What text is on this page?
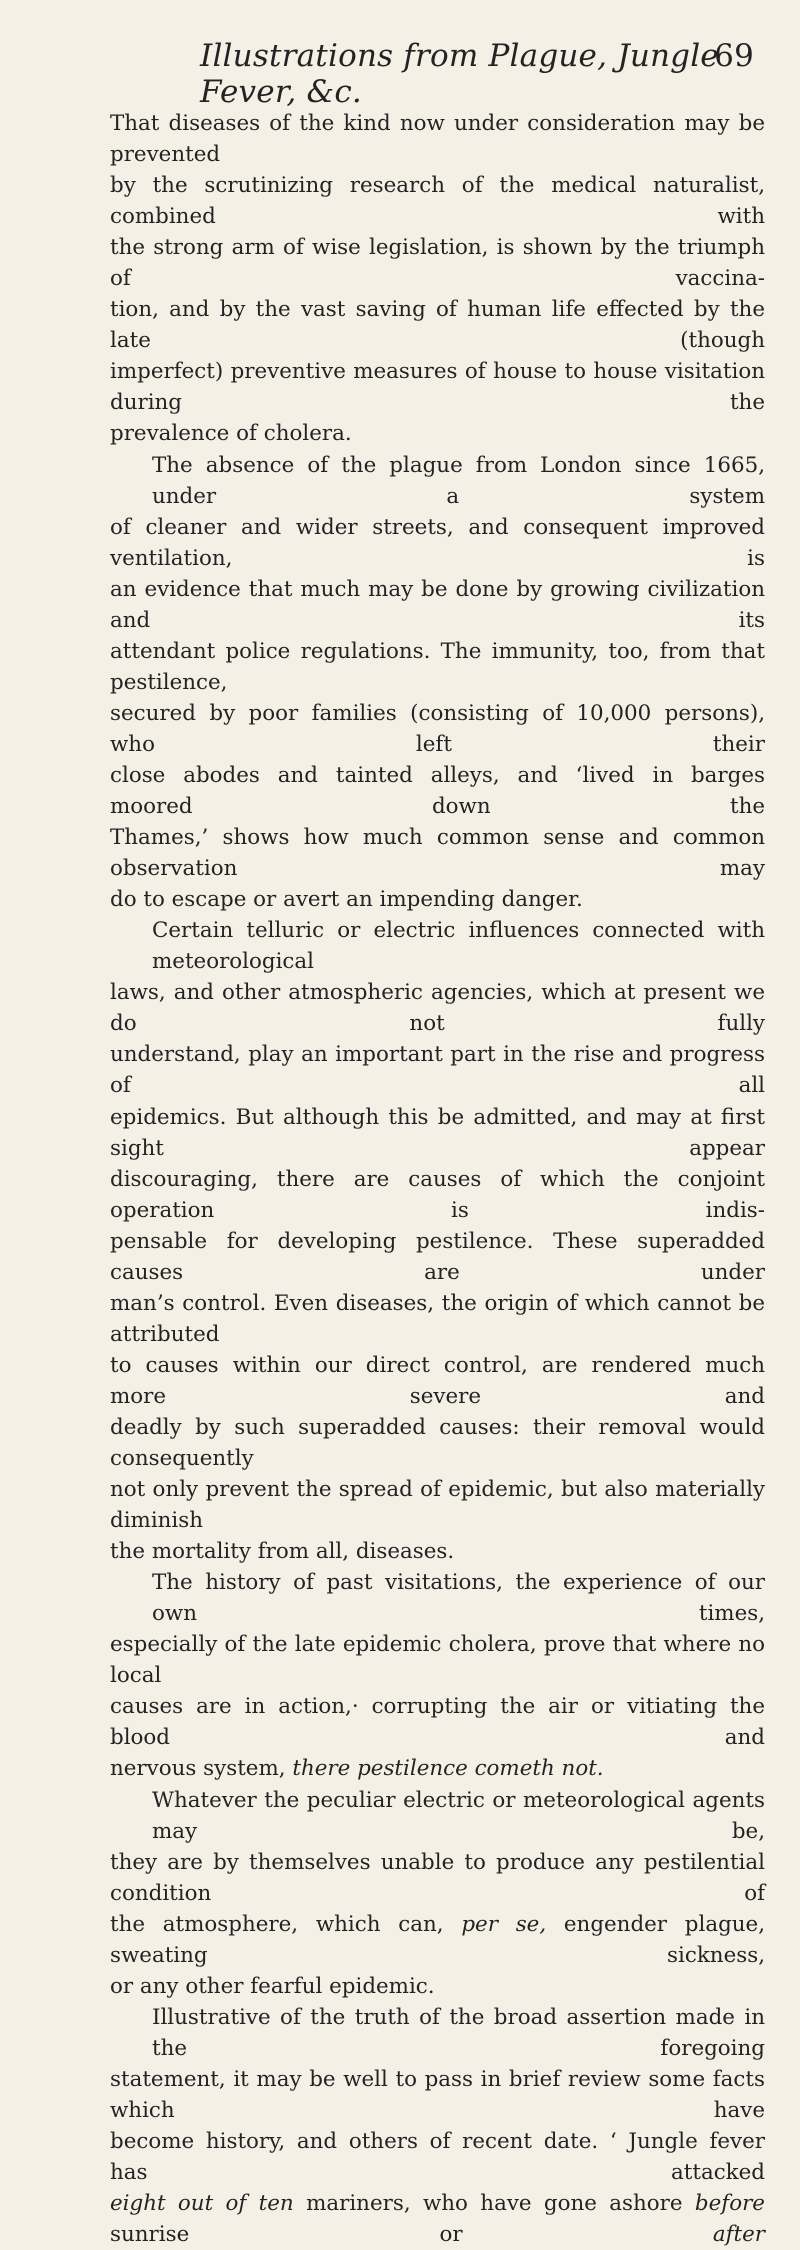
Illustrations from Plague, Jungle Fever, &c.
69
That diseases of the kind now under consideration may be prevented
by the scrutinizing research of the medical naturalist, combined with
the strong arm of wise legislation, is shown by the triumph of vaccina-
tion, and by the vast saving of human life effected by the late (though
imperfect) preventive measures of house to house visitation during the
prevalence of cholera.
The absence of the plague from London since 1665, under a system
of cleaner and wider streets, and consequent improved ventilation, is
an evidence that much may be done by growing civilization and its
attendant police regulations. The immunity, too, from that pestilence,
secured by poor families (consisting of 10,000 persons), who left their
close abodes and tainted alleys, and ‘lived in barges moored down the
Thames,’ shows how much common sense and common observation may
do to escape or avert an impending danger.
Certain telluric or electric influences connected with meteorological
laws, and other atmospheric agencies, which at present we do not fully
understand, play an important part in the rise and progress of all
epidemics. But although this be admitted, and may at first sight appear
discouraging, there are causes of which the conjoint operation is indis-
pensable for developing pestilence. These superadded causes are under
man’s control. Even diseases, the origin of which cannot be attributed
to causes within our direct control, are rendered much more severe and
deadly by such superadded causes: their removal would consequently
not only prevent the spread of epidemic, but also materially diminish
the mortality from all, diseases.
The history of past visitations, the experience of our own times,
especially of the late epidemic cholera, prove that where no local
causes are in action,· corrupting the air or vitiating the blood and
nervous system, there pestilence cometh not.
Whatever the peculiar electric or meteorological agents may be,
they are by themselves unable to produce any pestilential condition of
the atmosphere, which can, per se, engender plague, sweating sickness,
or any other fearful epidemic.
Illustrative of the truth of the broad assertion made in the foregoing
statement, it may be well to pass in brief review some facts which have
become history, and others of recent date. ‘ Jungle fever has attacked
eight out of ten mariners, who have gone ashore before sunrise or	after
